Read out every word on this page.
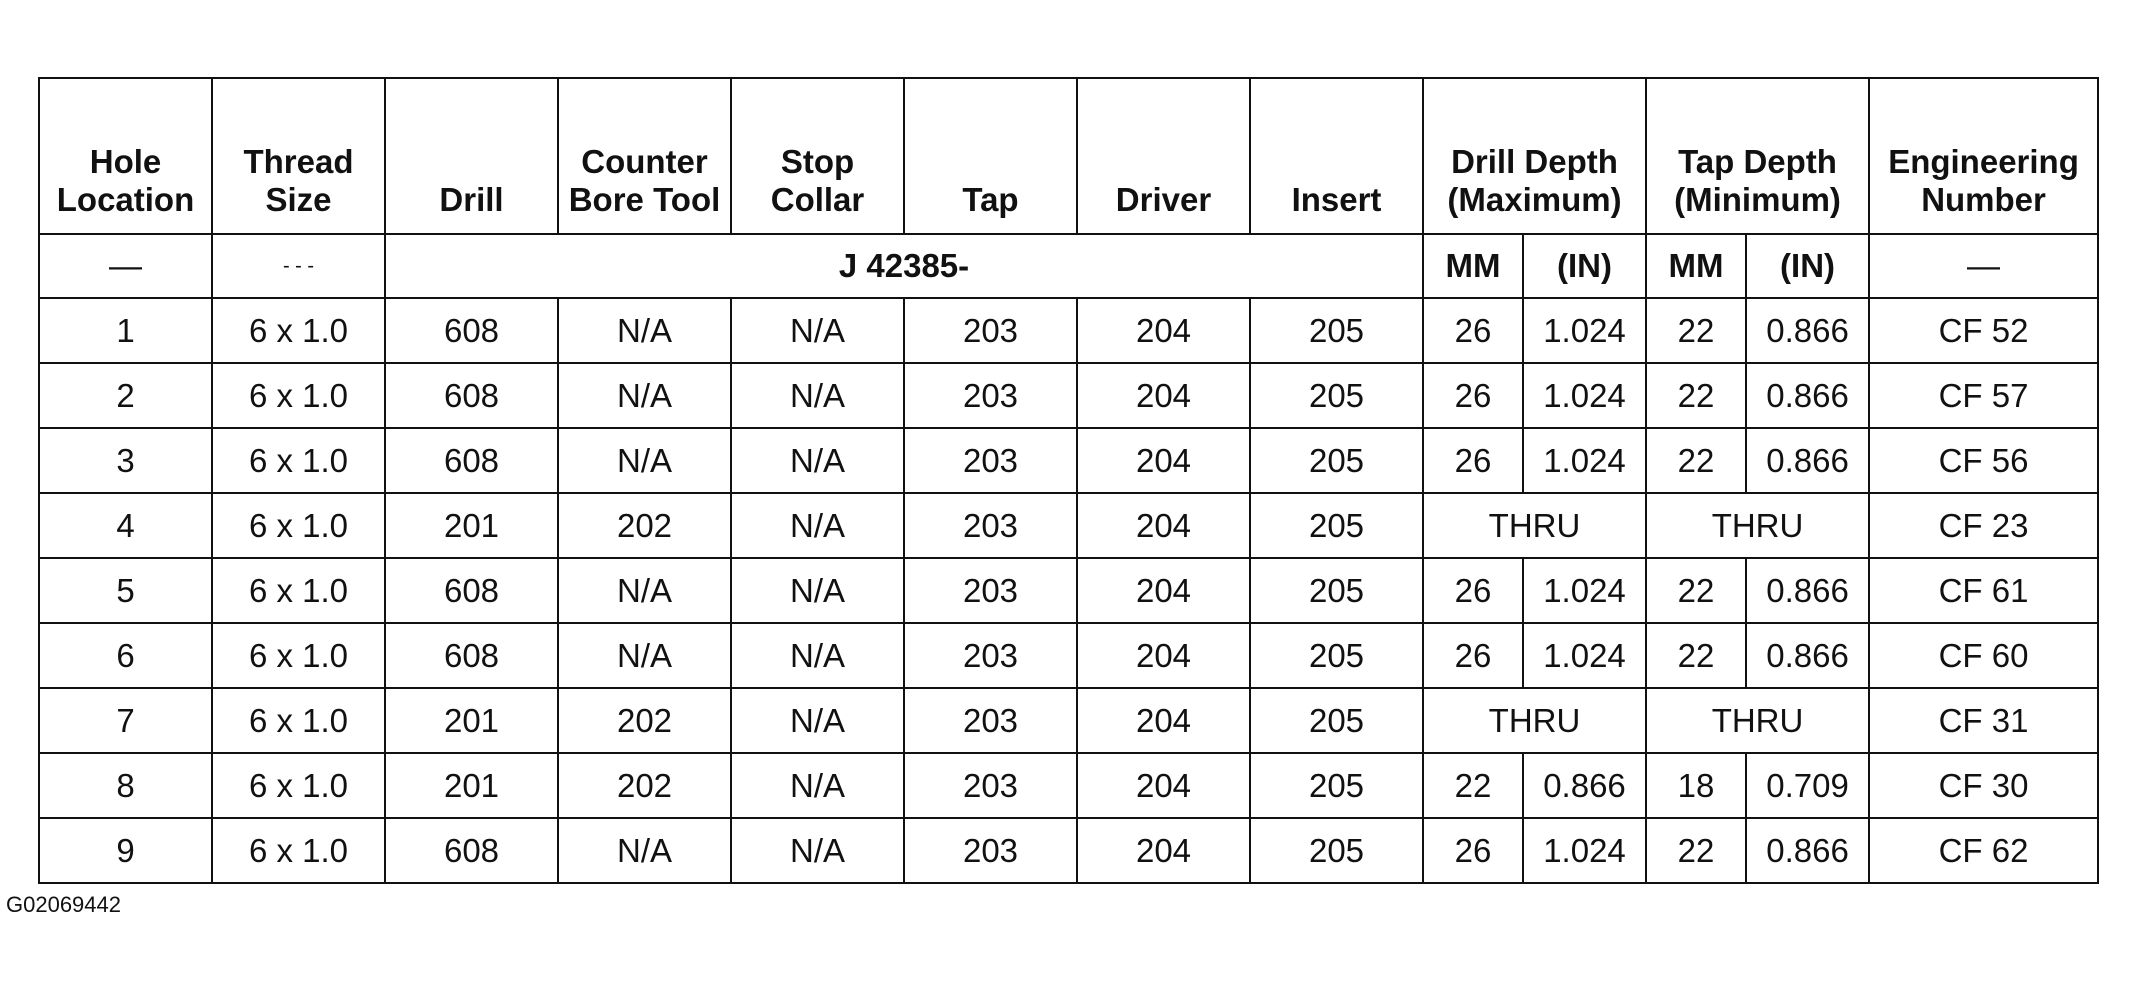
Hole Location	Thread Size	Drill	Counter Bore Tool	Stop Collar	Tap	Driver	Insert	Drill Depth (Maximum)		Tap Depth (Minimum)		Engineering Number
—	- - -	J 42385-						MM	(IN)	MM	(IN)	—
1	6 x 1.0	608	N/A	N/A	203	204	205	26	1.024	22	0.866	CF 52
2	6 x 1.0	608	N/A	N/A	203	204	205	26	1.024	22	0.866	CF 57
3	6 x 1.0	608	N/A	N/A	203	204	205	26	1.024	22	0.866	CF 56
4	6 x 1.0	201	202	N/A	203	204	205	THRU		THRU		CF 23
5	6 x 1.0	608	N/A	N/A	203	204	205	26	1.024	22	0.866	CF 61
6	6 x 1.0	608	N/A	N/A	203	204	205	26	1.024	22	0.866	CF 60
7	6 x 1.0	201	202	N/A	203	204	205	THRU		THRU		CF 31
8	6 x 1.0	201	202	N/A	203	204	205	22	0.866	18	0.709	CF 30
9	6 x 1.0	608	N/A	N/A	203	204	205	26	1.024	22	0.866	CF 62
G02069442
